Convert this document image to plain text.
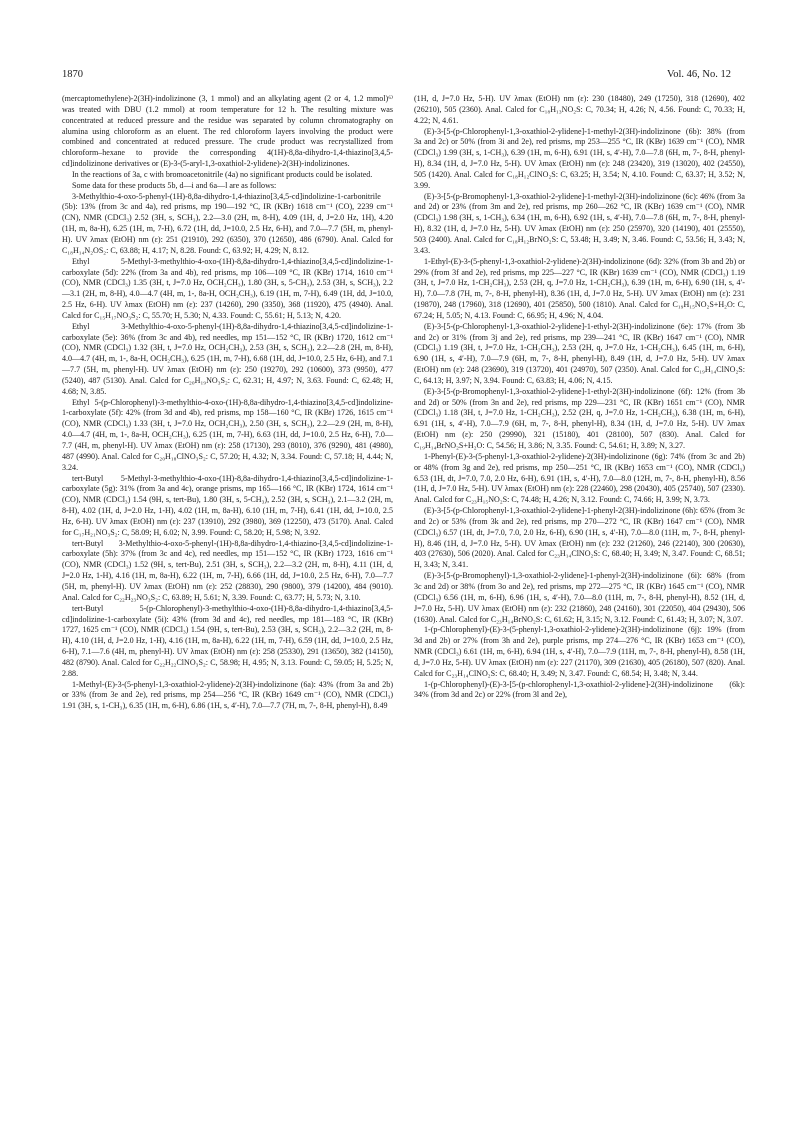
1870	Vol. 46, No. 12

(mercaptomethylene)-2(3H)-indolizinone (3, 1 mmol) and an alkylating agent (2 or 4, 1.2 mmol)⁶⁾ was treated with DBU (1.2 mmol) at room temperature for 12 h. The resulting mixture was concentrated at reduced pressure and the residue was separated by column chromatography on alumina using chloroform as an eluent. The red chloroform layers involving the product were combined and concentrated at reduced pressure. The crude product was recrystallized from chloroform–hexane to provide the corresponding 4(1H)-8,8a-dihydro-1,4-thiazino[3,4,5-cd]indolizinone derivatives or (E)-3-(5-aryl-1,3-oxathiol-2-ylidene)-2(3H)-indolizinones.

In the reactions of 3a, c with bromoacetonitrile (4a) no significant products could be isolated.

Some data for these products 5b, d—i and 6a—l are as follows:

3-Methylthio-4-oxo-5-phenyl-(1H)-8,8a-dihydro-1,4-thiazino[3,4,5-cd]indolizine-1-carbonitrile (5b): 13% (from 3c and 4a), red prisms, mp 190—192 °C, IR (KBr) 1618 cm⁻¹ (CO), 2239 cm⁻¹ (CN), NMR (CDCl₃) 2.52 (3H, s, SCH₃), 2.2—3.0 (2H, m, 8-H), 4.09 (1H, d, J=2.0 Hz, 1H), 4.20 (1H, m, 8a-H), 6.25 (1H, m, 7-H), 6.72 (1H, dd, J=10.0, 2.5 Hz, 6-H), and 7.0—7.7 (5H, m, phenyl-H). UV λmax (EtOH) nm (ε): 251 (21910), 292 (6350), 370 (12650), 486 (6790). Anal. Calcd for C₁₈H₁₄N₂OS₂: C, 63.88; H, 4.17; N, 8.28. Found: C, 63.92; H, 4.29; N, 8.12.

Ethyl 5-Methyl-3-methylthio-4-oxo-(1H)-8,8a-dihydro-1,4-thiazino[3,4,5-cd]indolizine-1-carboxylate (5d): 22% (from 3a and 4b), red prisms, mp 106—109 °C, IR (KBr) 1714, 1610 cm⁻¹ (CO), NMR (CDCl₃) 1.35 (3H, t, J=7.0 Hz, OCH₂CH₃), 1.80 (3H, s, 5-CH₃), 2.53 (3H, s, SCH₃), 2.2—3.1 (2H, m, 8-H), 4.0—4.7 (4H, m, 1-, 8a-H, OCH₂CH₃), 6.19 (1H, m, 7-H), 6.49 (1H, dd, J=10.0, 2.5 Hz, 6-H). UV λmax (EtOH) nm (ε): 237 (14260), 290 (3350), 368 (11920), 475 (4940). Anal. Calcd for C₁₅H₁₇NO₃S₂: C, 55.70; H, 5.30; N, 4.33. Found: C, 55.61; H, 5.13; N, 4.20.

Ethyl 3-Methylthio-4-oxo-5-phenyl-(1H)-8,8a-dihydro-1,4-thiazino[3,4,5-cd]indolizine-1-carboxylate (5e): 36% (from 3c and 4b), red needles, mp 151—152 °C, IR (KBr) 1720, 1612 cm⁻¹ (CO), NMR (CDCl₃) 1.32 (3H, t, J=7.0 Hz, OCH₂CH₃), 2.53 (3H, s, SCH₃), 2.2—2.8 (2H, m, 8-H), 4.0—4.7 (4H, m, 1-, 8a-H, OCH₂CH₃), 6.25 (1H, m, 7-H), 6.68 (1H, dd, J=10.0, 2.5 Hz, 6-H), and 7.1—7.7 (5H, m, phenyl-H). UV λmax (EtOH) nm (ε): 250 (19270), 292 (10600), 373 (9950), 477 (5240), 487 (5130). Anal. Calcd for C₂₀H₁₉NO₃S₂: C, 62.31; H, 4.97; N, 3.63. Found: C, 62.48; H, 4.68; N, 3.85.

Ethyl 5-(p-Chlorophenyl)-3-methylthio-4-oxo-(1H)-8,8a-dihydro-1,4-thiazino[3,4,5-cd]indolizine-1-carboxylate (5f): 42% (from 3d and 4b), red prisms, mp 158—160 °C, IR (KBr) 1726, 1615 cm⁻¹ (CO), NMR (CDCl₃) 1.33 (3H, t, J=7.0 Hz, OCH₂CH₃), 2.50 (3H, s, SCH₃), 2.2—2.9 (2H, m, 8-H), 4.0—4.7 (4H, m, 1-, 8a-H, OCH₂CH₃), 6.25 (1H, m, 7-H), 6.63 (1H, dd, J=10.0, 2.5 Hz, 6-H), 7.0—7.7 (4H, m, phenyl-H). UV λmax (EtOH) nm (ε): 258 (17130), 293 (8010), 376 (9290), 481 (4980), 487 (4990). Anal. Calcd for C₂₀H₁₈ClNO₃S₂: C, 57.20; H, 4.32; N, 3.34. Found: C, 57.18; H, 4.44; N, 3.24.

tert-Butyl 5-Methyl-3-methylthio-4-oxo-(1H)-8,8a-dihydro-1,4-thiazino[3,4,5-cd]indolizine-1-carboxylate (5g): 31% (from 3a and 4c), orange prisms, mp 165—166 °C, IR (KBr) 1724, 1614 cm⁻¹ (CO), NMR (CDCl₃) 1.54 (9H, s, tert-Bu), 1.80 (3H, s, 5-CH₃), 2.52 (3H, s, SCH₃), 2.1—3.2 (2H, m, 8-H), 4.02 (1H, d, J=2.0 Hz, 1-H), 4.02 (1H, m, 8a-H), 6.10 (1H, m, 7-H), 6.41 (1H, dd, J=10.0, 2.5 Hz, 6-H). UV λmax (EtOH) nm (ε): 237 (13910), 292 (3980), 369 (12250), 473 (5170). Anal. Calcd for C₁₇H₂₁NO₃S₂: C, 58.09; H, 6.02; N, 3.99. Found: C, 58.20; H, 5.98; N, 3.92.

tert-Butyl 3-Methylthio-4-oxo-5-phenyl-(1H)-8,8a-dihydro-1,4-thiazino-[3,4,5-cd]indolizine-1-carboxylate (5h): 37% (from 3c and 4c), red needles, mp 151—152 °C, IR (KBr) 1723, 1616 cm⁻¹ (CO), NMR (CDCl₃) 1.52 (9H, s, tert-Bu), 2.51 (3H, s, SCH₃), 2.2—3.2 (2H, m, 8-H), 4.11 (1H, d, J=2.0 Hz, 1-H), 4.16 (1H, m, 8a-H), 6.22 (1H, m, 7-H), 6.66 (1H, dd, J=10.0, 2.5 Hz, 6-H), 7.0—7.7 (5H, m, phenyl-H). UV λmax (EtOH) nm (ε): 252 (28830), 290 (9800), 379 (14200), 484 (9010). Anal. Calcd for C₂₂H₂₃NO₃S₂: C, 63.89; H, 5.61; N, 3.39. Found: C, 63.77; H, 5.73; N, 3.10.

tert-Butyl 5-(p-Chlorophenyl)-3-methylthio-4-oxo-(1H)-8,8a-dihydro-1,4-thiazino[3,4,5-cd]indolizine-1-carboxylate (5i): 43% (from 3d and 4c), red needles, mp 181—183 °C, IR (KBr) 1727, 1625 cm⁻¹ (CO), NMR (CDCl₃) 1.54 (9H, s, tert-Bu), 2.53 (3H, s, SCH₃), 2.2—3.2 (2H, m, 8-H), 4.10 (1H, d, J=2.0 Hz, 1-H), 4.16 (1H, m, 8a-H), 6.22 (1H, m, 7-H), 6.59 (1H, dd, J=10.0, 2.5 Hz, 6-H), 7.1—7.6 (4H, m, phenyl-H). UV λmax (EtOH) nm (ε): 258 (25330), 291 (13650), 382 (14150), 482 (8790). Anal. Calcd for C₂₂H₂₂ClNO₃S₂: C, 58.98; H, 4.95; N, 3.13. Found: C, 59.05; H, 5.25; N, 2.88.

1-Methyl-(E)-3-(5-phenyl-1,3-oxathiol-2-ylidene)-2(3H)-indolizinone (6a): 43% (from 3a and 2b) or 33% (from 3e and 2e), red prisms, mp 254—256 °C, IR (KBr) 1649 cm⁻¹ (CO), NMR (CDCl₃) 1.91 (3H, s, 1-CH₃), 6.35 (1H, m, 6-H), 6.86 (1H, s, 4′-H), 7.0—7.7 (7H, m, 7-, 8-H, phenyl-H), 8.49

(1H, d, J=7.0 Hz, 5-H). UV λmax (EtOH) nm (ε): 230 (18480), 249 (17250), 318 (12690), 402 (26210), 505 (2360). Anal. Calcd for C₁₈H₁₃NO₂S: C, 70.34; H, 4.26; N, 4.56. Found: C, 70.33; H, 4.22; N, 4.61.

(E)-3-[5-(p-Chlorophenyl-1,3-oxathiol-2-ylidene]-1-methyl-2(3H)-indolizinone (6b): 38% (from 3a and 2c) or 50% (from 3i and 2e), red prisms, mp 253—255 °C, IR (KBr) 1639 cm⁻¹ (CO), NMR (CDCl₃) 1.99 (3H, s, 1-CH₃), 6.39 (1H, m, 6-H), 6.91 (1H, s, 4′-H), 7.0—7.8 (6H, m, 7-, 8-H, phenyl-H), 8.34 (1H, d, J=7.0 Hz, 5-H). UV λmax (EtOH) nm (ε): 248 (23420), 319 (13020), 402 (24550), 505 (1420). Anal. Calcd for C₁₈H₁₂ClNO₂S: C, 63.25; H, 3.54; N, 4.10. Found: C, 63.37; H, 3.52; N, 3.99.

(E)-3-[5-(p-Bromophenyl-1,3-oxathiol-2-ylidene]-1-methyl-2(3H)-indolizinone (6c): 46% (from 3a and 2d) or 23% (from 3m and 2e), red prisms, mp 260—262 °C, IR (KBr) 1639 cm⁻¹ (CO), NMR (CDCl₃) 1.98 (3H, s, 1-CH₃), 6.34 (1H, m, 6-H), 6.92 (1H, s, 4′-H), 7.0—7.8 (6H, m, 7-, 8-H, phenyl-H), 8.32 (1H, d, J=7.0 Hz, 5-H). UV λmax (EtOH) nm (ε): 250 (25970), 320 (14190), 401 (25550), 503 (2400). Anal. Calcd for C₁₈H₁₂BrNO₂S: C, 53.48; H, 3.49; N, 3.46. Found: C, 53.56; H, 3.43; N, 3.43.

1-Ethyl-(E)-3-(5-phenyl-1,3-oxathiol-2-ylidene)-2(3H)-indolizinone (6d): 32% (from 3b and 2b) or 29% (from 3f and 2e), red prisms, mp 225—227 °C, IR (KBr) 1639 cm⁻¹ (CO), NMR (CDCl₃) 1.19 (3H, t, J=7.0 Hz, 1-CH₂CH₃), 2.53 (2H, q, J=7.0 Hz, 1-CH₂CH₃), 6.39 (1H, m, 6-H), 6.90 (1H, s, 4′-H), 7.0—7.8 (7H, m, 7-, 8-H, phenyl-H), 8.36 (1H, d, J=7.0 Hz, 5-H). UV λmax (EtOH) nm (ε): 231 (19870), 248 (17960), 318 (12690), 401 (25850), 500 (1810). Anal. Calcd for C₁₉H₁₅NO₂S+H₂O: C, 67.24; H, 5.05; N, 4.13. Found: C, 66.95; H, 4.96; N, 4.04.

(E)-3-[5-(p-Chlorophenyl-1,3-oxathiol-2-ylidene]-1-ethyl-2(3H)-indolizinone (6e): 17% (from 3b and 2c) or 31% (from 3j and 2e), red prisms, mp 239—241 °C, IR (KBr) 1647 cm⁻¹ (CO), NMR (CDCl₃) 1.19 (3H, t, J=7.0 Hz, 1-CH₂CH₃), 2.53 (2H, q, J=7.0 Hz, 1-CH₂CH₃), 6.45 (1H, m, 6-H), 6.90 (1H, s, 4′-H), 7.0—7.9 (6H, m, 7-, 8-H, phenyl-H), 8.49 (1H, d, J=7.0 Hz, 5-H). UV λmax (EtOH) nm (ε): 248 (23690), 319 (13720), 401 (24970), 507 (2350). Anal. Calcd for C₁₉H₁₄ClNO₂S: C, 64.13; H, 3.97; N, 3.94. Found: C, 63.83; H, 4.06; N, 4.15.

(E)-3-[5-(p-Bromophenyl-1,3-oxathiol-2-ylidene]-1-ethyl-2(3H)-indolizinone (6f): 12% (from 3b and 2d) or 50% (from 3n and 2e), red prisms, mp 229—231 °C, IR (KBr) 1651 cm⁻¹ (CO), NMR (CDCl₃) 1.18 (3H, t, J=7.0 Hz, 1-CH₂CH₃), 2.52 (2H, q, J=7.0 Hz, 1-CH₂CH₃), 6.38 (1H, m, 6-H), 6.91 (1H, s, 4′-H), 7.0—7.9 (6H, m, 7-, 8-H, phenyl-H), 8.34 (1H, d, J=7.0 Hz, 5-H). UV λmax (EtOH) nm (ε): 250 (29990), 321 (15180), 401 (28100), 507 (830). Anal. Calcd for C₁₉H₁₄BrNO₂S+H₂O: C, 54.56; H, 3.86; N, 3.35. Found: C, 54.61; H, 3.89; N, 3.27.

1-Phenyl-(E)-3-(5-phenyl-1,3-oxathiol-2-ylidene)-2(3H)-indolizinone (6g): 74% (from 3c and 2b) or 48% (from 3g and 2e), red prisms, mp 250—251 °C, IR (KBr) 1653 cm⁻¹ (CO), NMR (CDCl₃) 6.53 (1H, dt, J=7.0, 7.0, 2.0 Hz, 6-H), 6.91 (1H, s, 4′-H), 7.0—8.0 (12H, m, 7-, 8-H, phenyl-H), 8.56 (1H, d, J=7.0 Hz, 5-H). UV λmax (EtOH) nm (ε): 228 (22460), 298 (20430), 405 (25740), 507 (2330). Anal. Calcd for C₂₃H₁₅NO₂S: C, 74.48; H, 4.26; N, 3.12. Found: C, 74.66; H, 3.99; N, 3.73.

(E)-3-[5-(p-Chlorophenyl-1,3-oxathiol-2-ylidene]-1-phenyl-2(3H)-indolizinone (6h): 65% (from 3c and 2c) or 53% (from 3k and 2e), red prisms, mp 270—272 °C, IR (KBr) 1647 cm⁻¹ (CO), NMR (CDCl₃) 6.57 (1H, dt, J=7.0, 7.0, 2.0 Hz, 6-H), 6.90 (1H, s, 4′-H), 7.0—8.0 (11H, m, 7-, 8-H, phenyl-H), 8.46 (1H, d, J=7.0 Hz, 5-H). UV λmax (EtOH) nm (ε): 232 (21260), 246 (22140), 300 (20630), 403 (27630), 506 (2020). Anal. Calcd for C₂₃H₁₄ClNO₂S: C, 68.40; H, 3.49; N, 3.47. Found: C, 68.51; H, 3.43; N, 3.41.

(E)-3-[5-(p-Bromophenyl)-1,3-oxathiol-2-ylidene]-1-phenyl-2(3H)-indolizinone (6i): 68% (from 3c and 2d) or 38% (from 3o and 2e), red prisms, mp 272—275 °C, IR (KBr) 1645 cm⁻¹ (CO), NMR (CDCl₃) 6.56 (1H, m, 6-H), 6.96 (1H, s, 4′-H), 7.0—8.0 (11H, m, 7-, 8-H, phenyl-H), 8.52 (1H, d, J=7.0 Hz, 5-H). UV λmax (EtOH) nm (ε): 232 (21860), 248 (24160), 301 (22050), 404 (29430), 506 (1630). Anal. Calcd for C₂₃H₁₄BrNO₂S: C, 61.62; H, 3.15; N, 3.12. Found: C, 61.43; H, 3.07; N, 3.07.

1-(p-Chlorophenyl)-(E)-3-(5-phenyl-1,3-oxathiol-2-ylidene)-2(3H)-indolizinone (6j): 19% (from 3d and 2b) or 27% (from 3h and 2e), purple prisms, mp 274—276 °C, IR (KBr) 1653 cm⁻¹ (CO), NMR (CDCl₃) 6.61 (1H, m, 6-H), 6.94 (1H, s, 4′-H), 7.0—7.9 (11H, m, 7-, 8-H, phenyl-H), 8.58 (1H, d, J=7.0 Hz, 5-H). UV λmax (EtOH) nm (ε): 227 (21170), 309 (21630), 405 (26180), 507 (820). Anal. Calcd for C₂₃H₁₄ClNO₂S: C, 68.40; H, 3.49; N, 3.47. Found: C, 68.54; H, 3.48; N, 3.44.

1-(p-Chlorophenyl)-(E)-3-[5-(p-chlorophenyl-1,3-oxathiol-2-ylidene]-2(3H)-indolizinone (6k): 34% (from 3d and 2c) or 22% (from 3l and 2e),
